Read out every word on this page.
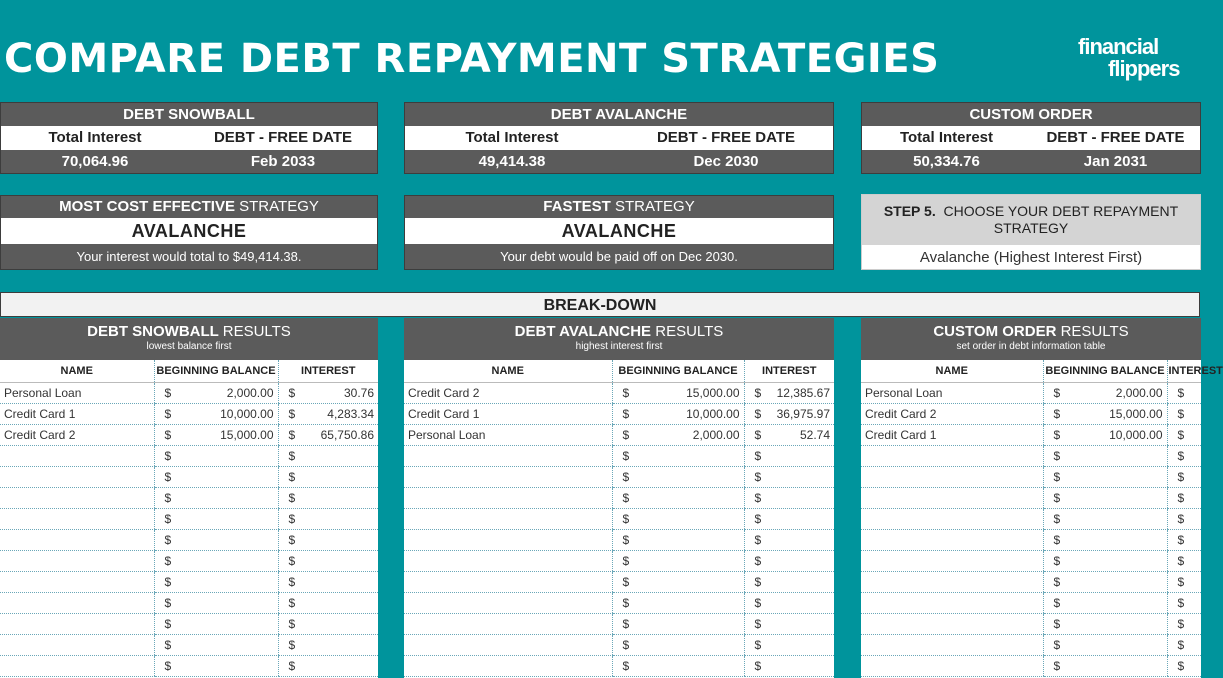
COMPARE DEBT REPAYMENT STRATEGIES	financial
flippers
DEBT SNOWBALL
Total Interest	DEBT - FREE DATE
70,064.96	Feb 2033
DEBT AVALANCHE
Total Interest	DEBT - FREE DATE
49,414.38	Dec 2030
CUSTOM ORDER
Total Interest	DEBT - FREE DATE
50,334.76	Jan 2031
MOST COST EFFECTIVE STRATEGY
AVALANCHE
Your interest would total to $49,414.38.
FASTEST STRATEGY
AVALANCHE
Your debt would be paid off on Dec 2030.
STEP 5. CHOOSE YOUR DEBT REPAYMENT
STRATEGY
Avalanche (Highest Interest First)
BREAK-DOWN
DEBT SNOWBALL RESULTS
lowest balance first
NAME	BEGINNING BALANCE	INTEREST
Personal Loan	$ 2,000.00	$ 30.76

Credit Card 1	$ 10,000.00	$ 4,283.34

Credit Card 2	$ 15,000.00	$ 65,750.86

	$	$

	$	$

	$	$

	$	$

	$	$

	$	$

	$	$

	$	$

	$	$

	$	$

	$	$
DEBT AVALANCHE RESULTS
highest interest first
NAME	BEGINNING BALANCE	INTEREST
Credit Card 2	$ 15,000.00	$ 12,385.67

Credit Card 1	$ 10,000.00	$ 36,975.97

Personal Loan	$ 2,000.00	$ 52.74

	$	$

	$	$

	$	$

	$	$

	$	$

	$	$

	$	$

	$	$

	$	$

	$	$

	$	$
CUSTOM ORDER RESULTS
set order in debt information table
NAME	BEGINNING BALANCE	INTEREST
Personal Loan	$ 2,000.00	$

Credit Card 2	$ 15,000.00	$

Credit Card 1	$ 10,000.00	$

	$	$

	$	$

	$	$

	$	$

	$	$

	$	$

	$	$

	$	$

	$	$

	$	$

	$	$
